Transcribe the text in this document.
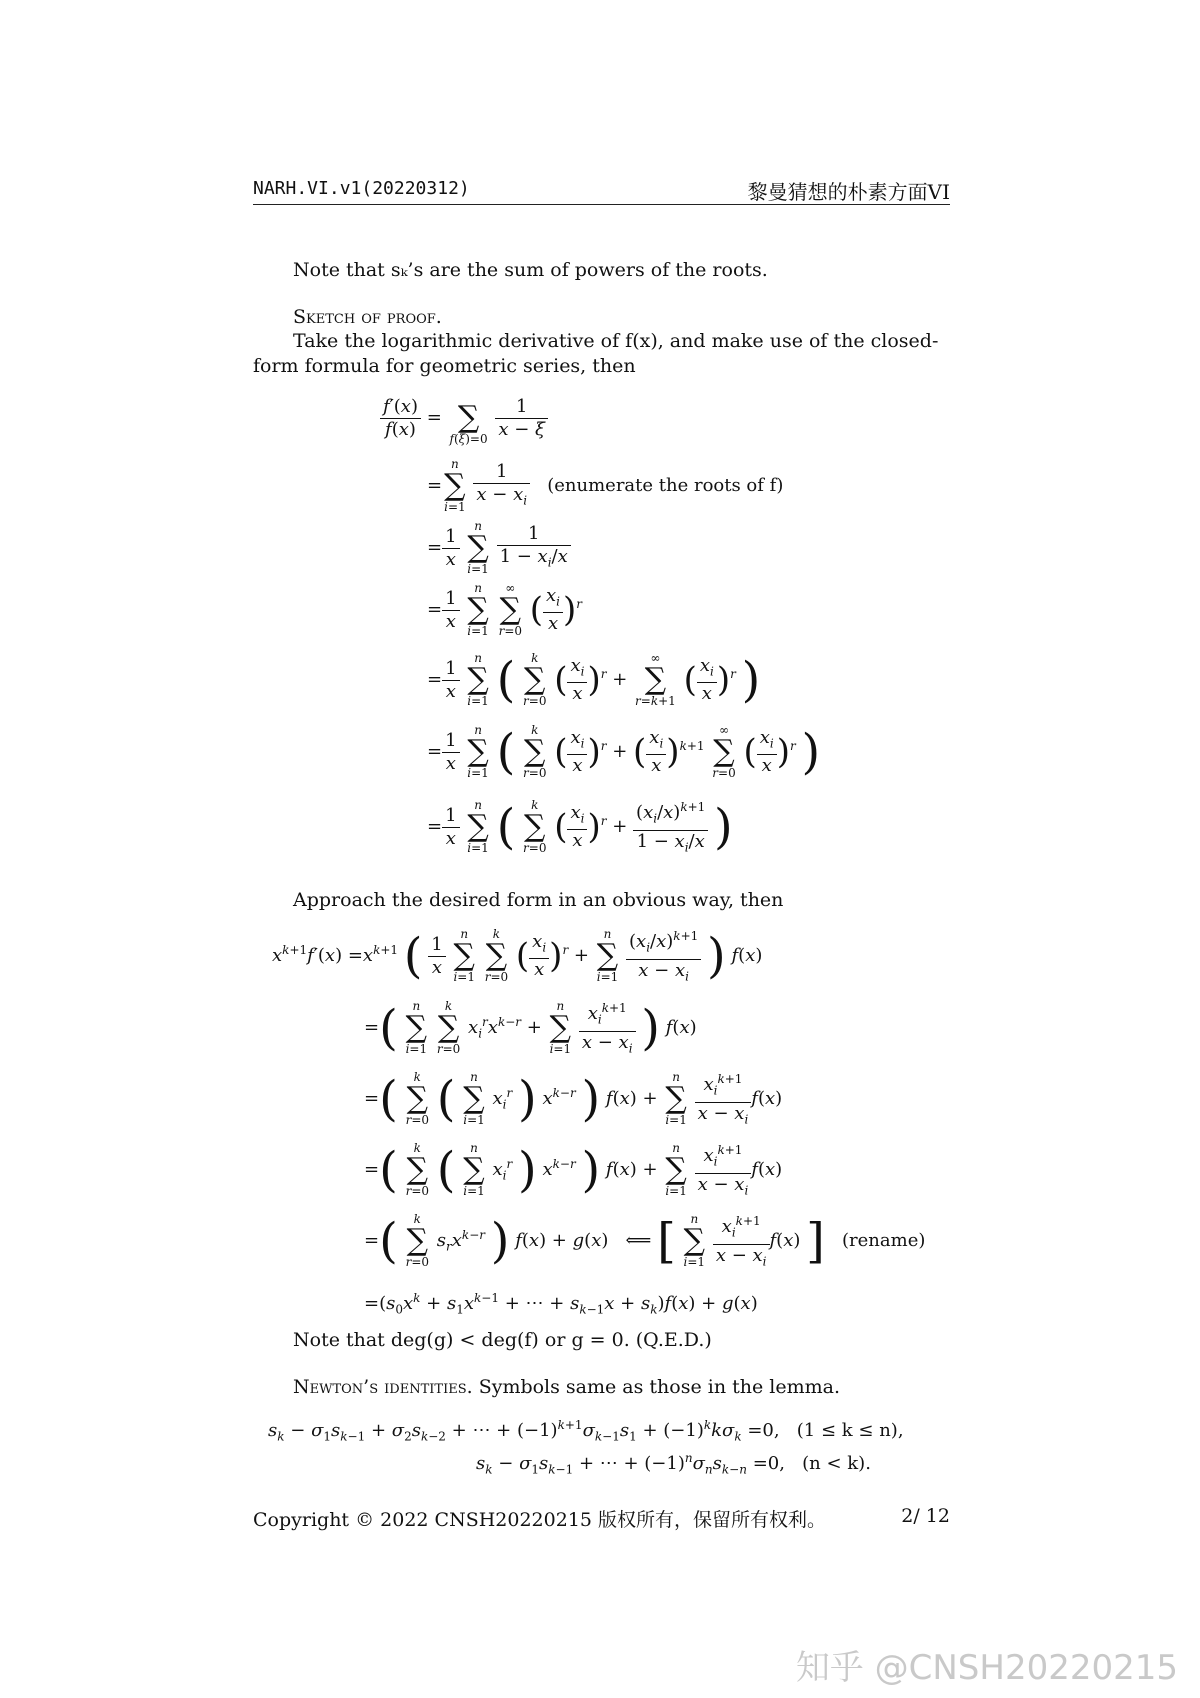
NARH.VI.v1(20220312)	黎曼猜想的朴素方面VI
Note that sₖ’s are the sum of powers of the roots.
Sketch of proof.
Take the logarithmic derivative of f(x), and make use of the closed-form formula for geometric series, then
$\frac{f'(x)}{f(x)}$ =
∑
f(ξ)=0
$\frac{1}{x - \xi}$
=
n
∑
i=1
$\frac{1}{x - x_i}$ (enumerate the roots of f)
= $\frac{1}{x}$
	n
∑
i=1
$\frac{1}{1 - x_i/x}$
= $\frac{1}{x}$
	n
∑
i=1

∞
∑
r=0
( $\frac{x_i}{x} )^r$
= $\frac{1}{x}$
	n
∑
i=1 (	k
∑
r=0
( $\frac{x_i}{x} )^r$ +
∞
∑
r=k+1
( $\frac{x_i}{x} )^r$ )
= $\frac{1}{x}$
	n
∑
i=1 (	k
∑
r=0
( $\frac{x_i}{x} )^r$ + ( $\frac{x_i}{x} )^{k+1}$
∞
∑
r=0
( $\frac{x_i}{x} )^r$ )
= $\frac{1}{x}$
	n
∑
i=1 (	k
∑
r=0
( $\frac{x_i}{x} )^r + \frac{(x_i/x)^{k+1}}{1 - x_i/x}$ )
Approach the desired form in an obvious way, then
$x^{k+1}f'(x) =x^{k+1}$ ( $\frac{1}{x}$
	n
∑
i=1

k
∑
r=0
( $\frac{x_i}{x} )^r$ +
n
∑
i=1
$\frac{(x_i/x)^{k+1}}{x - x_i}$ ) f(x)
=(	n
∑
i=1

k
∑
r=0
$x_i^rx^{k-r}$ +
n
∑
i=1
$\frac{x_i^{k+1}}{x - x_i}$ ) f(x)
=(	k
∑
r=0 (	n
∑
i=1
$x_i^r$ ) $x^{k-r}$ ) f(x) +
n
∑
i=1
$\frac{x_i^{k+1}}{x - x_i} f(x)$
=(	k
∑
r=0 (	n
∑
i=1
$x_i^r$ ) $x^{k-r}$ ) f(x) +
n
∑
i=1
$\frac{x_i^{k+1}}{x - x_i} f(x)$
=(	k
∑
r=0
$s_rx^{k-r}$ ) f(x) + g(x)   ⟸ [	n
∑
i=1
$\frac{x_i^{k+1}}{x - x_i} f(x)$ ] (rename)
$=(s_0x^k + s_1x^{k-1}$ + ⋯ + $s_{k-1}x + s_k)f(x) + g(x)$
Note that deg(g) < deg(f) or g = 0. (Q.E.D.)
Newton’s identities. Symbols same as those in the lemma.
$s_k - \sigma_1s_{k-1} + \sigma_2s_{k-2}$ + ⋯ + $(-1)^{k+1}\sigma_{k-1}s_1 + (-1)^kk\sigma_k =0$,   (1 ≤ k ≤ n),
$s_k - \sigma_1s_{k-1}$ + ⋯ + $(-1)^n\sigma_ns_{k-n} =0$,   (n < k).
Copyright © 2022 CNSH20220215 版权所有，保留所有权利。	2/ 12
知乎 @CNSH20220215
